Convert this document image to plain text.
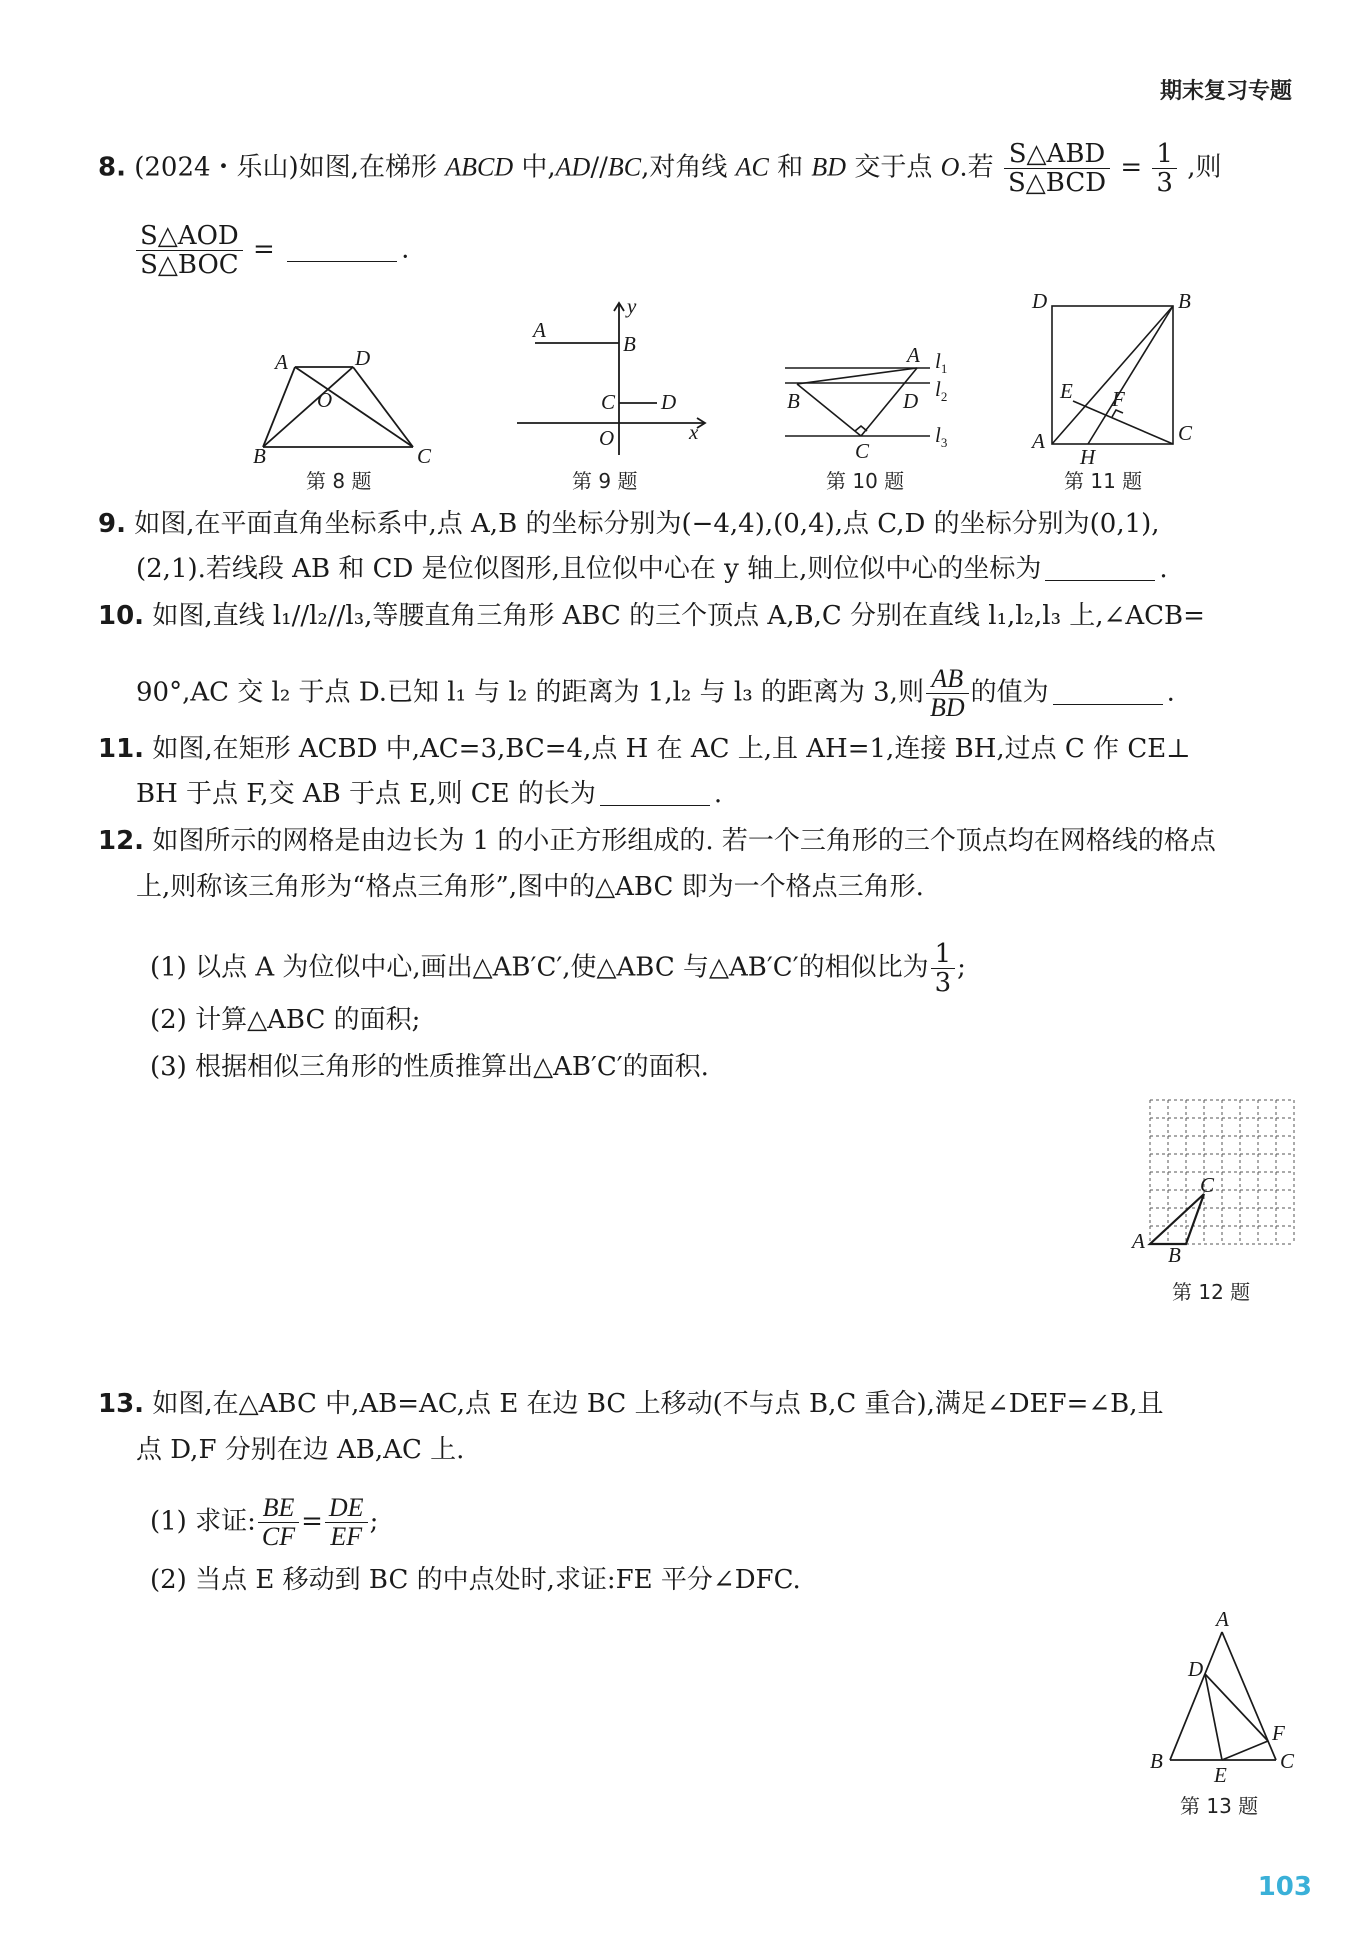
期末复习专题
8. (2024・乐山)如图,在梯形 ABCD 中,AD//BC,对角线 AC 和 BD 交于点 O.若 $\frac{\text{S△ABD}}{\text{S△BCD}} = \frac{1}{3}$ ,则
$\frac{\text{S△AOD}}{\text{S△BOC}}$ =	.
A	D
O
B	C
第 8 题
A
B
C D
O	x
y
第 9 题
A
B
C
D
$l_1$
$l_2$
$l_3$
第 10 题
D	B
A	C
E F
H
第 11 题
9. 如图,在平面直角坐标系中,点 A,B 的坐标分别为(−4,4),(0,4),点 C,D 的坐标分别为(0,1),
(2,1).若线段 AB 和 CD 是位似图形,且位似中心在 y 轴上,则位似中心的坐标为	.
10. 如图,直线 l₁//l₂//l₃,等腰直角三角形 ABC 的三个顶点 A,B,C 分别在直线 l₁,l₂,l₃ 上,∠ACB=
90°,AC 交 l₂ 于点 D.已知 l₁ 与 l₂ 的距离为 1,l₂ 与 l₃ 的距离为 3,则 $\frac{AB}{BD}$ 的值为	.
11. 如图,在矩形 ACBD 中,AC=3,BC=4,点 H 在 AC 上,且 AH=1,连接 BH,过点 C 作 CE⊥
BH 于点 F,交 AB 于点 E,则 CE 的长为	.
12. 如图所示的网格是由边长为 1 的小正方形组成的. 若一个三角形的三个顶点均在网格线的格点
上,则称该三角形为“格点三角形”,图中的△ABC 即为一个格点三角形.
(1) 以点 A 为位似中心,画出△AB′C′,使△ABC 与△AB′C′的相似比为 $\frac{1}{3}$ ;
(2) 计算△ABC 的面积;
(3) 根据相似三角形的性质推算出△AB′C′的面积.
A
B
C
第 12 题
13. 如图,在△ABC 中,AB=AC,点 E 在边 BC 上移动(不与点 B,C 重合),满足∠DEF=∠B,且
点 D,F 分别在边 AB,AC 上.
(1) 求证: $\frac{BE}{CF} = \frac{DE}{EF}$ ;
(2) 当点 E 移动到 BC 的中点处时,求证:FE 平分∠DFC.
A
D
F
B
E
C
第 13 题
103
